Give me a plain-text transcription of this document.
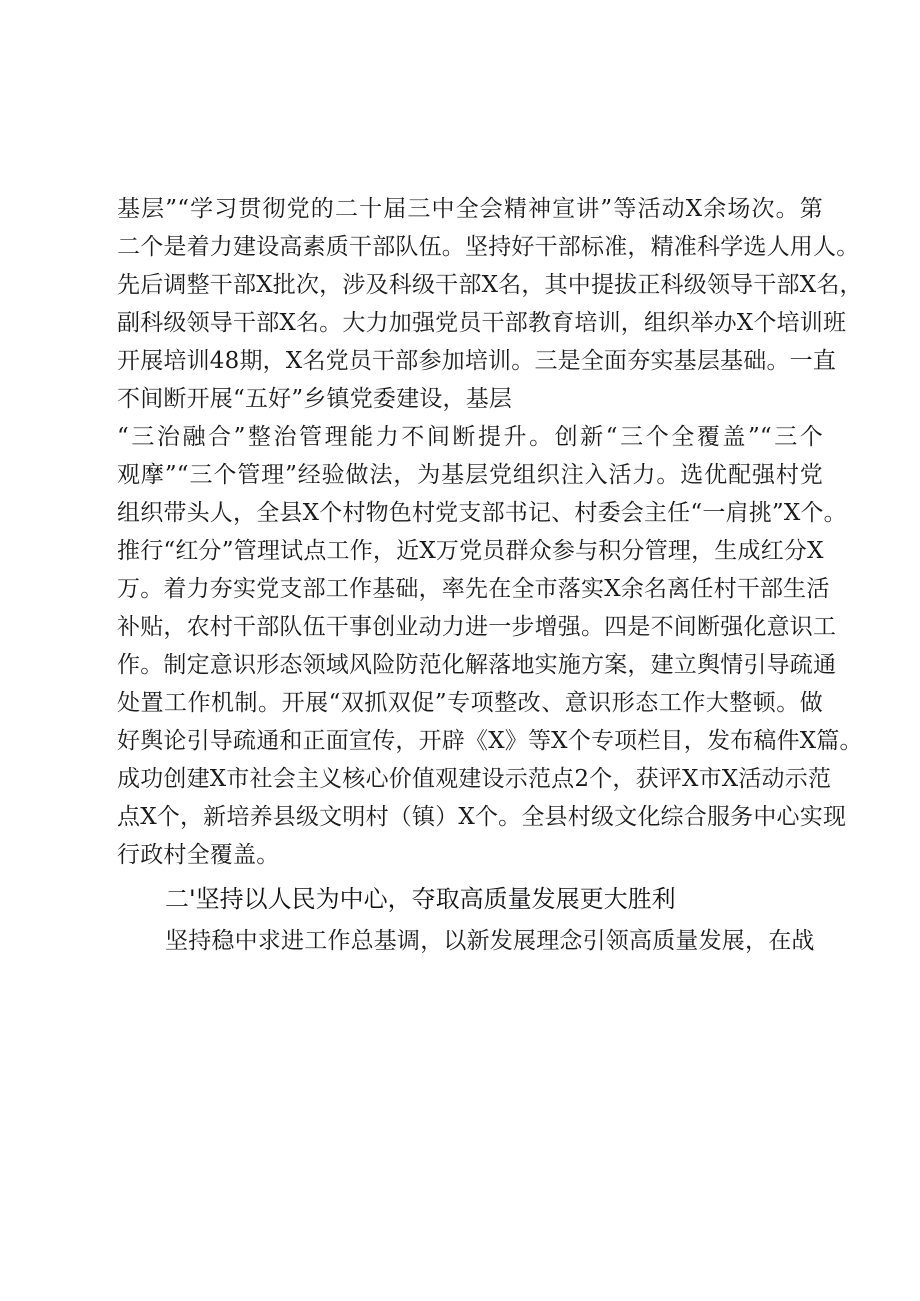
基层”“学习贯彻党的二十届三中全会精神宣讲”等活动X余场次。第
二个是着力建设高素质干部队伍。坚持好干部标准，精准科学选人用人。
先后调整干部X批次，涉及科级干部X名，其中提拔正科级领导干部X名，
副科级领导干部X名。大力加强党员干部教育培训，组织举办X个培训班
开展培训48期，X名党员干部参加培训。三是全面夯实基层基础。一直
不间断开展“五好”乡镇党委建设，基层
“三治融合”整治管理能力不间断提升。创新“三个全覆盖”“三个
观摩”“三个管理”经验做法，为基层党组织注入活力。选优配强村党
组织带头人，全县X个村物色村党支部书记、村委会主任“一肩挑”X个。
推行“红分”管理试点工作，近X万党员群众参与积分管理，生成红分X
万。着力夯实党支部工作基础，率先在全市落实X余名离任村干部生活
补贴，农村干部队伍干事创业动力进一步增强。四是不间断强化意识工
作。制定意识形态领域风险防范化解落地实施方案，建立舆情引导疏通
处置工作机制。开展“双抓双促”专项整改、意识形态工作大整顿。做
好舆论引导疏通和正面宣传，开辟《X》等X个专项栏目，发布稿件X篇。
成功创建X市社会主义核心价值观建设示范点2个，获评X市X活动示范
点X个，新培养县级文明村（镇）X个。全县村级文化综合服务中心实现
行政村全覆盖。
二'坚持以人民为中心，夺取高质量发展更大胜利
坚持稳中求进工作总基调，以新发展理念引领高质量发展，在战
